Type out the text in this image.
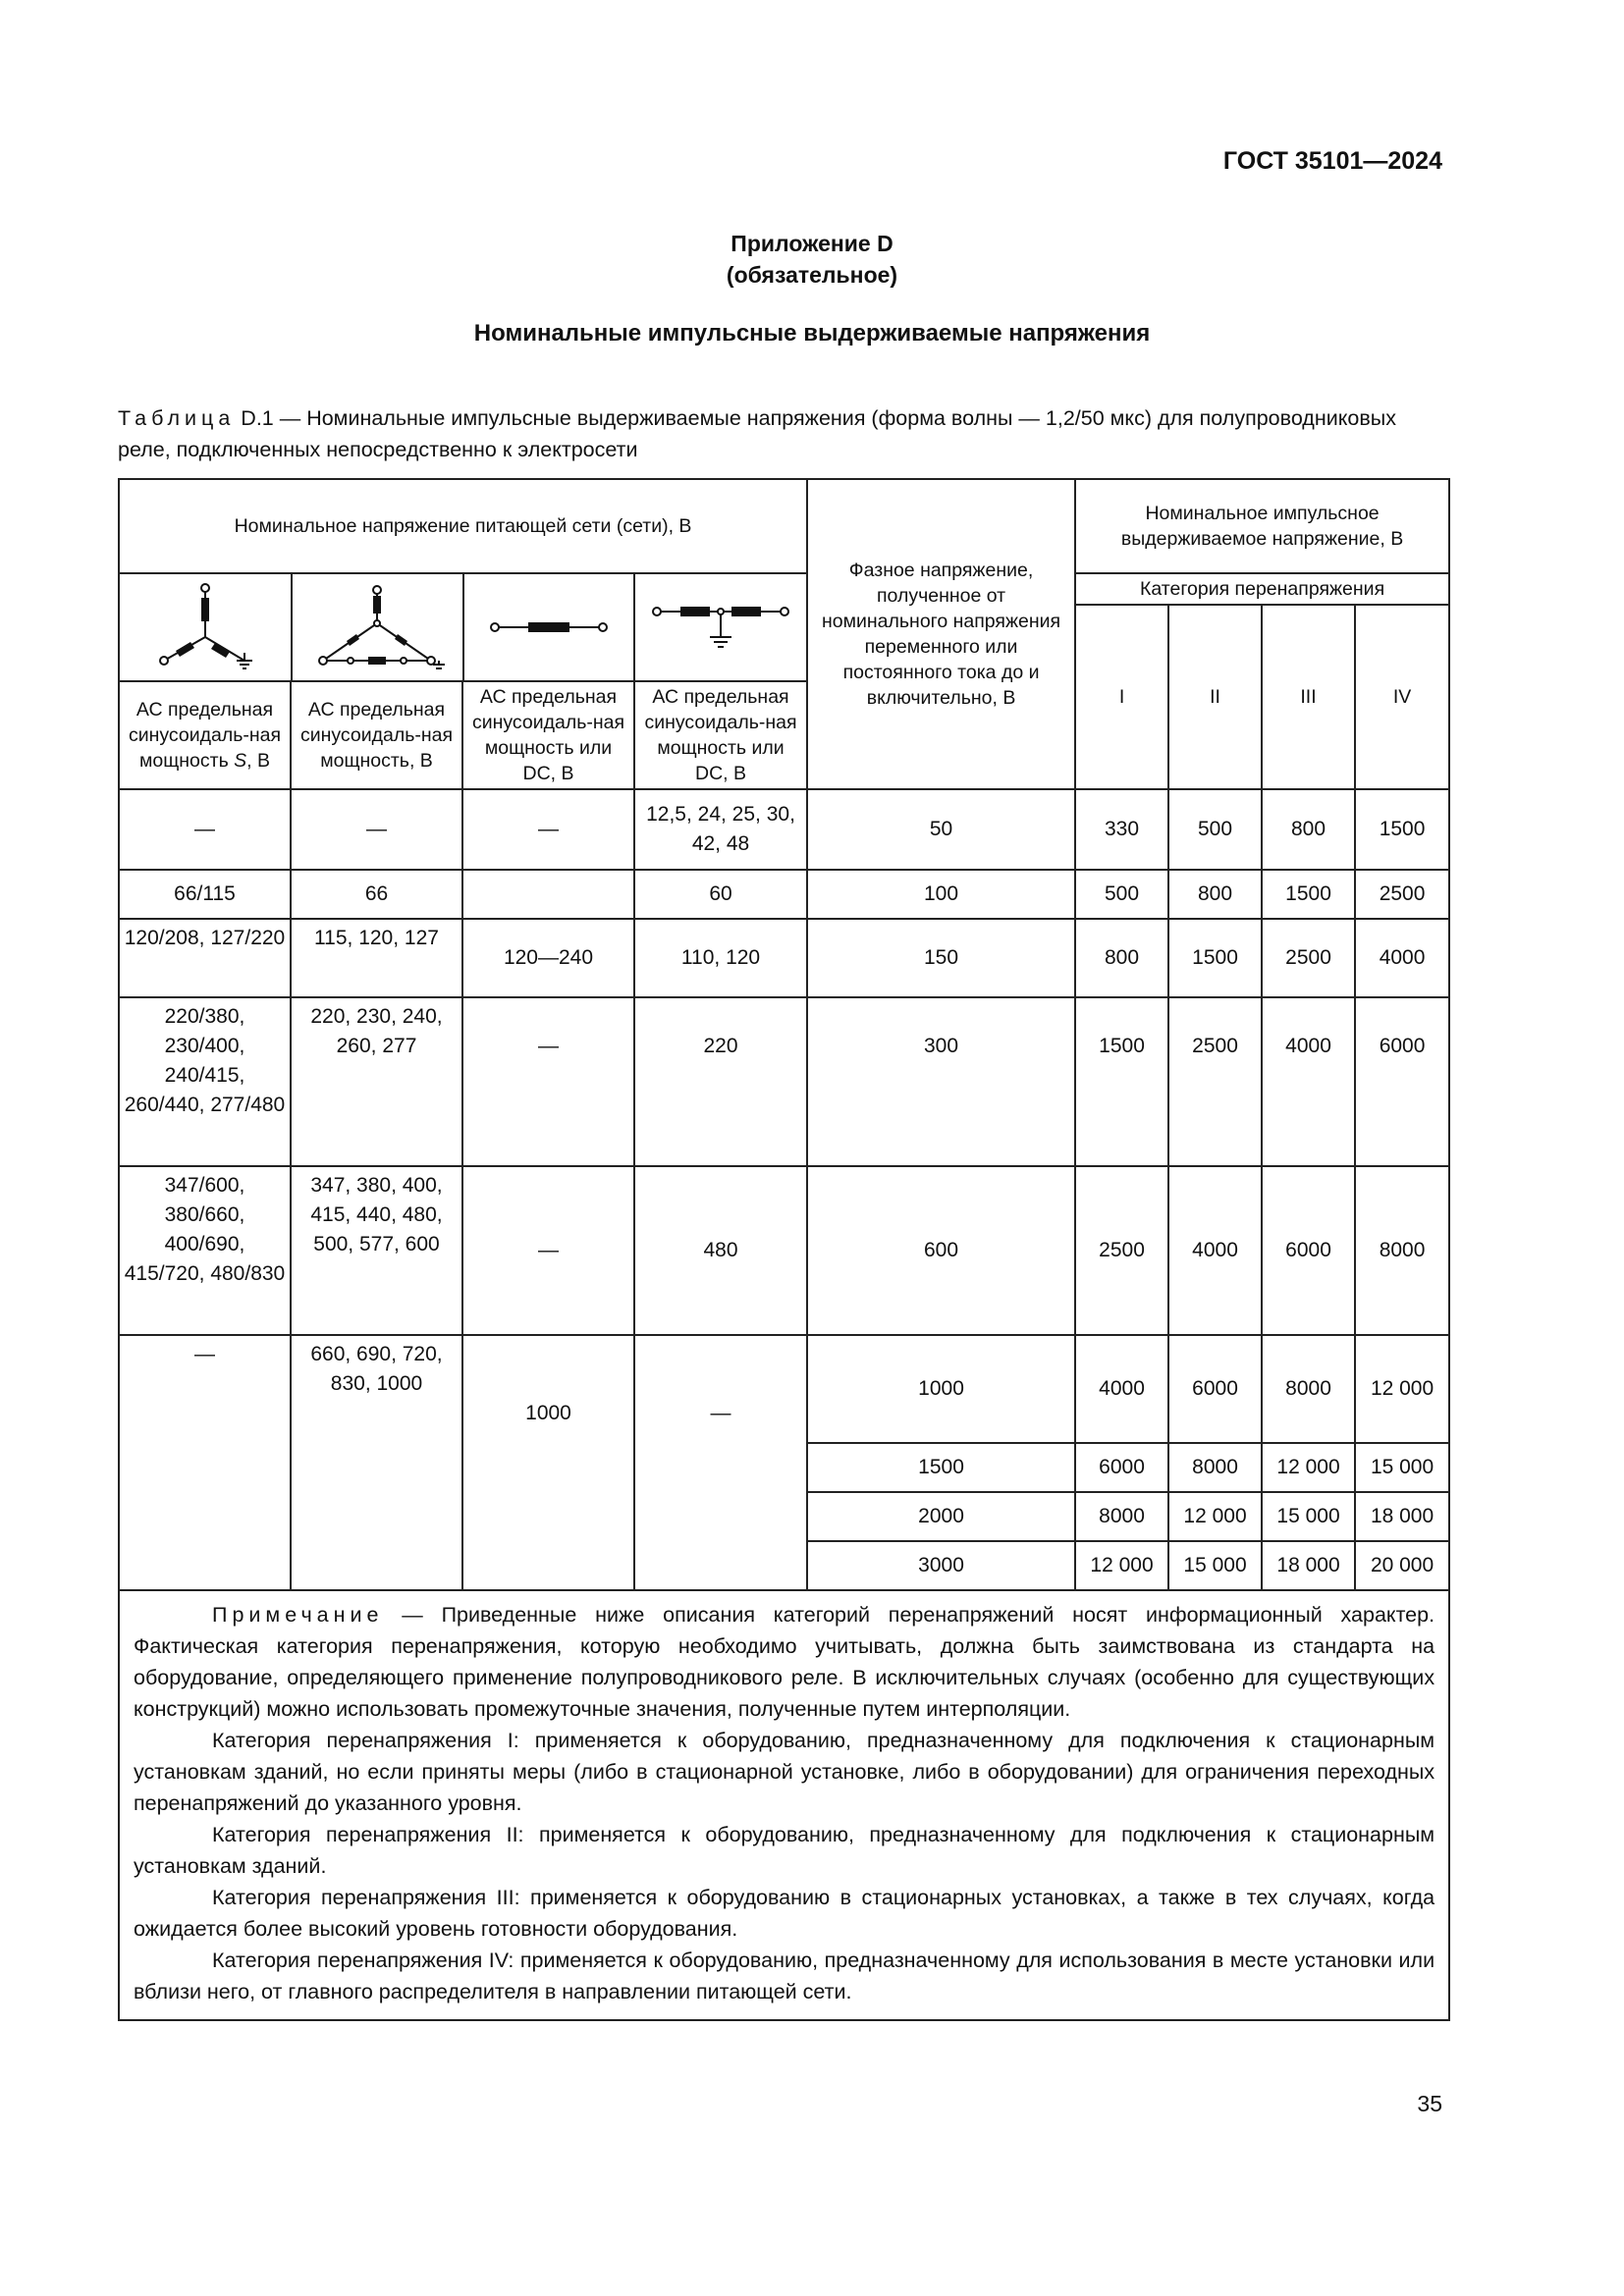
ГОСТ 35101—2024
Приложение D
(обязательное)
Номинальные импульсные выдерживаемые напряжения
Таблица D.1 — Номинальные импульсные выдерживаемые напряжения (форма волны — 1,2/50 мкс) для полупроводниковых реле, подключенных непосредственно к электросети
Номинальное напряжение питающей сети (сети), В	Фазное напряжение, полученное от номинального напряжения переменного или постоянного тока до и включительно, В	Номинальное импульсное выдерживаемое напряжение, В

	Категория перенапряжения
I	II	III	IV
АС предельная синусоидаль-ная мощность S, В	АС предельная синусоидаль-ная мощность, В	АС предельная синусоидаль-ная мощность или DC, В	АС предельная синусоидаль-ная мощность или DC, В
—	—	—	12,5, 24, 25, 30, 42, 48	50	330	500	800	1500
66/115	66		60	100	500	800	1500	2500
120/208, 127/220	115, 120, 127	120—240	110, 120	150	800	1500	2500	4000
220/380, 230/400, 240/415, 260/440, 277/480	220, 230, 240, 260, 277	—	220	300	1500	2500	4000	6000
347/600, 380/660, 400/690, 415/720, 480/830	347, 380, 400, 415, 440, 480, 500, 577, 600	—	480	600	2500	4000	6000	8000
—	660, 690, 720, 830, 1000	1000	—	1000	4000	6000	8000	12 000
1500	6000	8000	12 000	15 000
2000	8000	12 000	15 000	18 000
3000	12 000	15 000	18 000	20 000

Примечание — Приведенные ниже описания категорий перенапряжений носят информационный характер. Фактическая категория перенапряжения, которую необходимо учитывать, должна быть заимствована из стандарта на оборудование, определяющего применение полупроводникового реле. В исключительных случаях (особенно для существующих конструкций) можно использовать промежуточные значения, полученные путем интерполяции.

Категория перенапряжения I: применяется к оборудованию, предназначенному для подключения к стационарным установкам зданий, но если приняты меры (либо в стационарной установке, либо в оборудовании) для ограничения переходных перенапряжений до указанного уровня.

Категория перенапряжения II: применяется к оборудованию, предназначенному для подключения к стационарным установкам зданий.

Категория перенапряжения III: применяется к оборудованию в стационарных установках, а также в тех случаях, когда ожидается более высокий уровень готовности оборудования.

Категория перенапряжения IV: применяется к оборудованию, предназначенному для использования в месте установки или вблизи него, от главного распределителя в направлении питающей сети.

35
